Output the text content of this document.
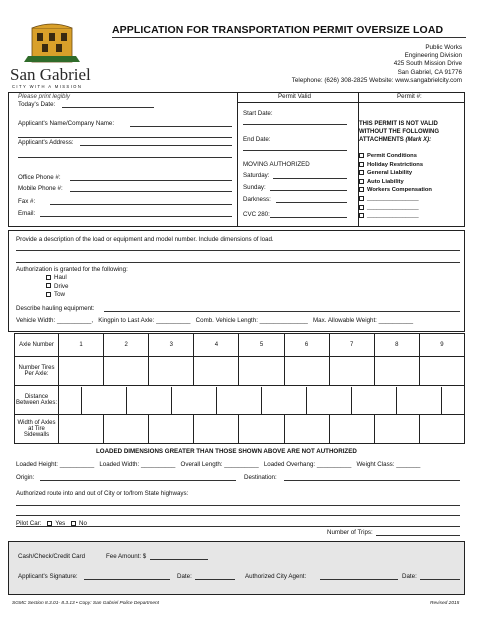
San Gabriel
CITY WITH A MISSION
APPLICATION FOR TRANSPORTATION PERMIT OVERSIZE LOAD
Public Works
Engineering Division
425 South Mission Drive
San Gabriel, CA 91776
Telephone: (626) 308-2825 Website: www.sangabrielcity.com
Please print legibly
Today's Date:
Applicant's Name/Company Name:
Applicant's Address:
Office Phone #:
Mobile Phone #:
Fax #:
Email:
Permit Valid
Start Date:
End Date:
MOVING AUTHORIZED
Saturday:
Sunday:
Darkness:
CVC 280:
Permit #:
THIS PERMIT IS NOT VALID WITHOUT THE FOLLOWING ATTACHMENTS (Mark X):
Permit Conditions
Holiday Restrictions
General Liability
Auto Liability
Workers Compensation
________________
________________
________________
Provide a description of the load or equipment and model number. Include dimensions of load.
Authorization is granted for the following:
Haul
Drive
Tow
Describe hauling equipment:
Vehicle Width: __________,   Kingpin to Last Axle: __________ Comb. Vehicle Length: ______________ Max. Allowable Weight: __________
Axle Number	1	2	3	4	5	6	7	8	9
Number Tires Per Axle:									
Distance Between Axles:									

Width of Axles at Tire Sidewalls									
LOADED DIMENSIONS GREATER THAN THOSE SHOWN ABOVE ARE NOT AUTHORIZED
Loaded Height: __________ Loaded Width: __________ Overall Length: __________ Loaded Overhang: __________ Weight Class: _______
Origin:	Destination:
Authorized route into and out of City or to/from State highways:
Pilot Car: Yes No
Number of Trips:
Cash/Check/Credit Card	Fee Amount: $
Applicant's Signature:	Date:	Authorized City Agent:	Date:
SGMC Section 8.3.01- 8.3.13 • Copy: San Gabriel Police Department	Revised 2015
